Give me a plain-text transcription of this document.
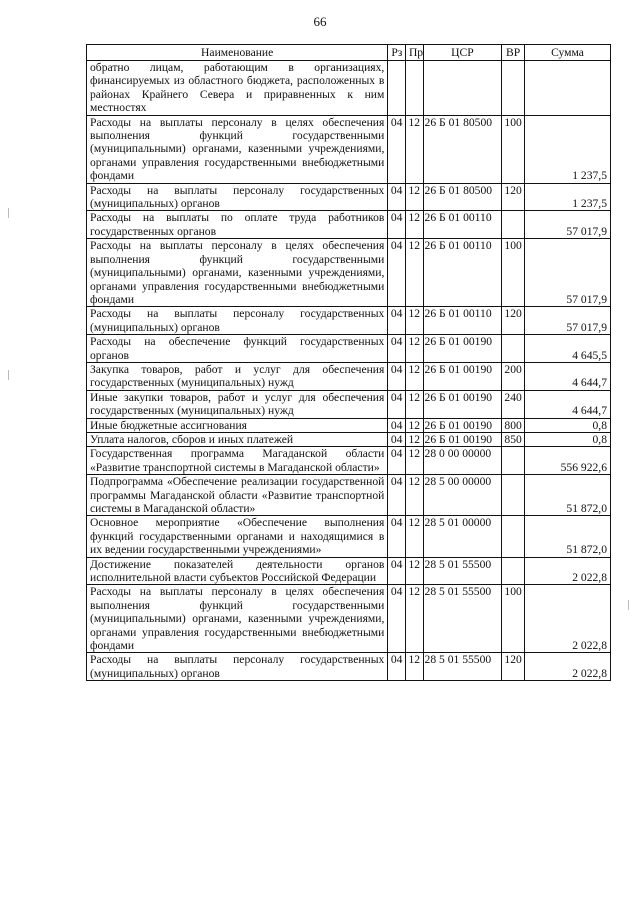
66
Наименование	Рз	Пр	ЦСР	ВР	Сумма
обратно лицам, работающим в организациях, финансируемых из областного бюджета, расположенных в районах Крайнего Севера и приравненных к ним местностях					
Расходы на выплаты персоналу в целях обеспечения выполнения функций государственными (муниципальными) органами, казенными учреждениями, органами управления государственными внебюджетными фондами	04	12	26 Б 01 80500	100	1 237,5
Расходы на выплаты персоналу государственных (муниципальных) органов	04	12	26 Б 01 80500	120	1 237,5
Расходы на выплаты по оплате труда работников государственных органов	04	12	26 Б 01 00110		57 017,9
Расходы на выплаты персоналу в целях обеспечения выполнения функций государственными (муниципальными) органами, казенными учреждениями, органами управления государственными внебюджетными фондами	04	12	26 Б 01 00110	100	57 017,9
Расходы на выплаты персоналу государственных (муниципальных) органов	04	12	26 Б 01 00110	120	57 017,9
Расходы на обеспечение функций государственных органов	04	12	26 Б 01 00190		4 645,5
Закупка товаров, работ и услуг для обеспечения государственных (муниципальных) нужд	04	12	26 Б 01 00190	200	4 644,7
Иные закупки товаров, работ и услуг для обеспечения государственных (муниципальных) нужд	04	12	26 Б 01 00190	240	4 644,7
Иные бюджетные ассигнования	04	12	26 Б 01 00190	800	0,8
Уплата налогов, сборов и иных платежей	04	12	26 Б 01 00190	850	0,8
Государственная программа Магаданской области «Развитие транспортной системы в Магаданской области»	04	12	28 0 00 00000		556 922,6
Подпрограмма «Обеспечение реализации государственной программы Магаданской области «Развитие транспортной системы в Магаданской области»	04	12	28 5 00 00000		51 872,0
Основное мероприятие «Обеспечение выполнения функций государственными органами и находящимися в их ведении государственными учреждениями»	04	12	28 5 01 00000		51 872,0
Достижение показателей деятельности органов исполнительной власти субъектов Российской Федерации	04	12	28 5 01 55500		2 022,8
Расходы на выплаты персоналу в целях обеспечения выполнения функций государственными (муниципальными) органами, казенными учреждениями, органами управления государственными внебюджетными фондами	04	12	28 5 01 55500	100	2 022,8
Расходы на выплаты персоналу государственных (муниципальных) органов	04	12	28 5 01 55500	120	2 022,8
